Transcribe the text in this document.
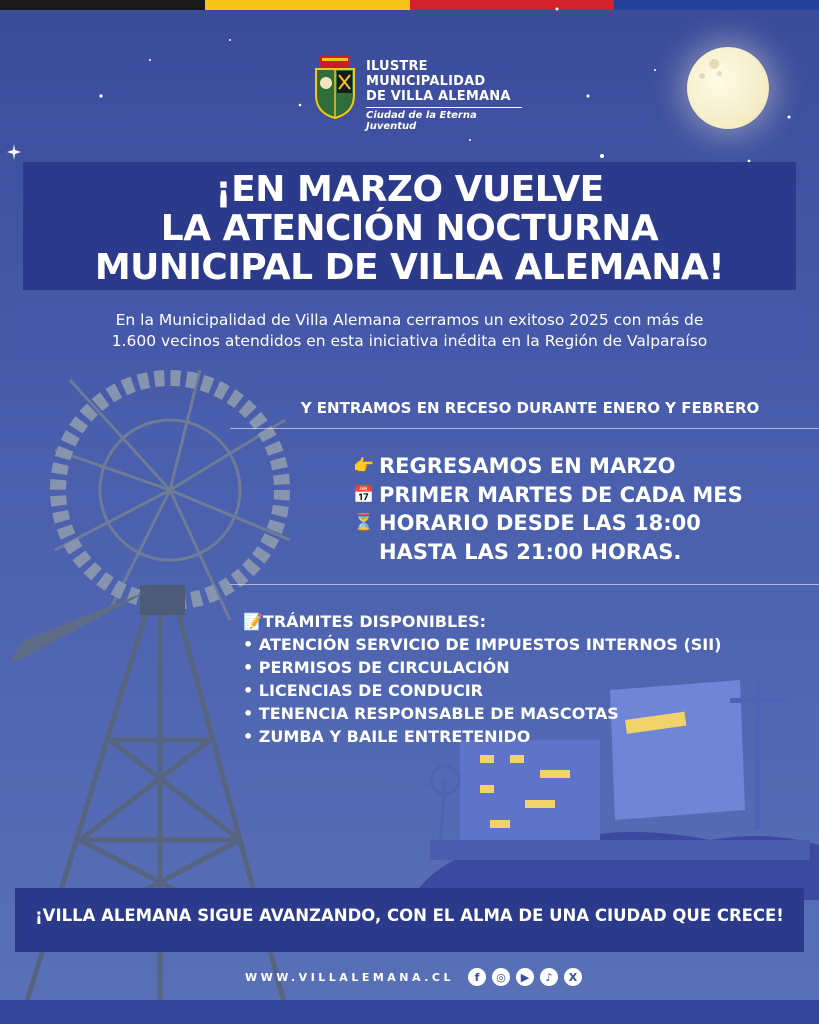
ILUSTRE
MUNICIPALIDAD
DE VILLA ALEMANA
Ciudad de la Eterna Juventud
¡EN MARZO VUELVE
LA ATENCIÓN NOCTURNA
MUNICIPAL DE VILLA ALEMANA!
En la Municipalidad de Villa Alemana cerramos un exitoso 2025 con más de
1.600 vecinos atendidos en esta iniciativa inédita en la Región de Valparaíso
Y ENTRAMOS EN RECESO DURANTE ENERO Y FEBRERO
👉 REGRESAMOS EN MARZO
📅 PRIMER MARTES DE CADA MES
⏳ HORARIO DESDE LAS 18:00
HASTA LAS 21:00 HORAS.
📝TRÁMITES DISPONIBLES:
• ATENCIÓN SERVICIO DE IMPUESTOS INTERNOS (SII)
• PERMISOS DE CIRCULACIÓN
• LICENCIAS DE CONDUCIR
• TENENCIA RESPONSABLE DE MASCOTAS
• ZUMBA Y BAILE ENTRETENIDO
¡VILLA ALEMANA SIGUE AVANZANDO, CON EL ALMA DE UNA CIUDAD QUE CRECE!
WWW.VILLALEMANA.CL	f	◎	▶	♪	X
